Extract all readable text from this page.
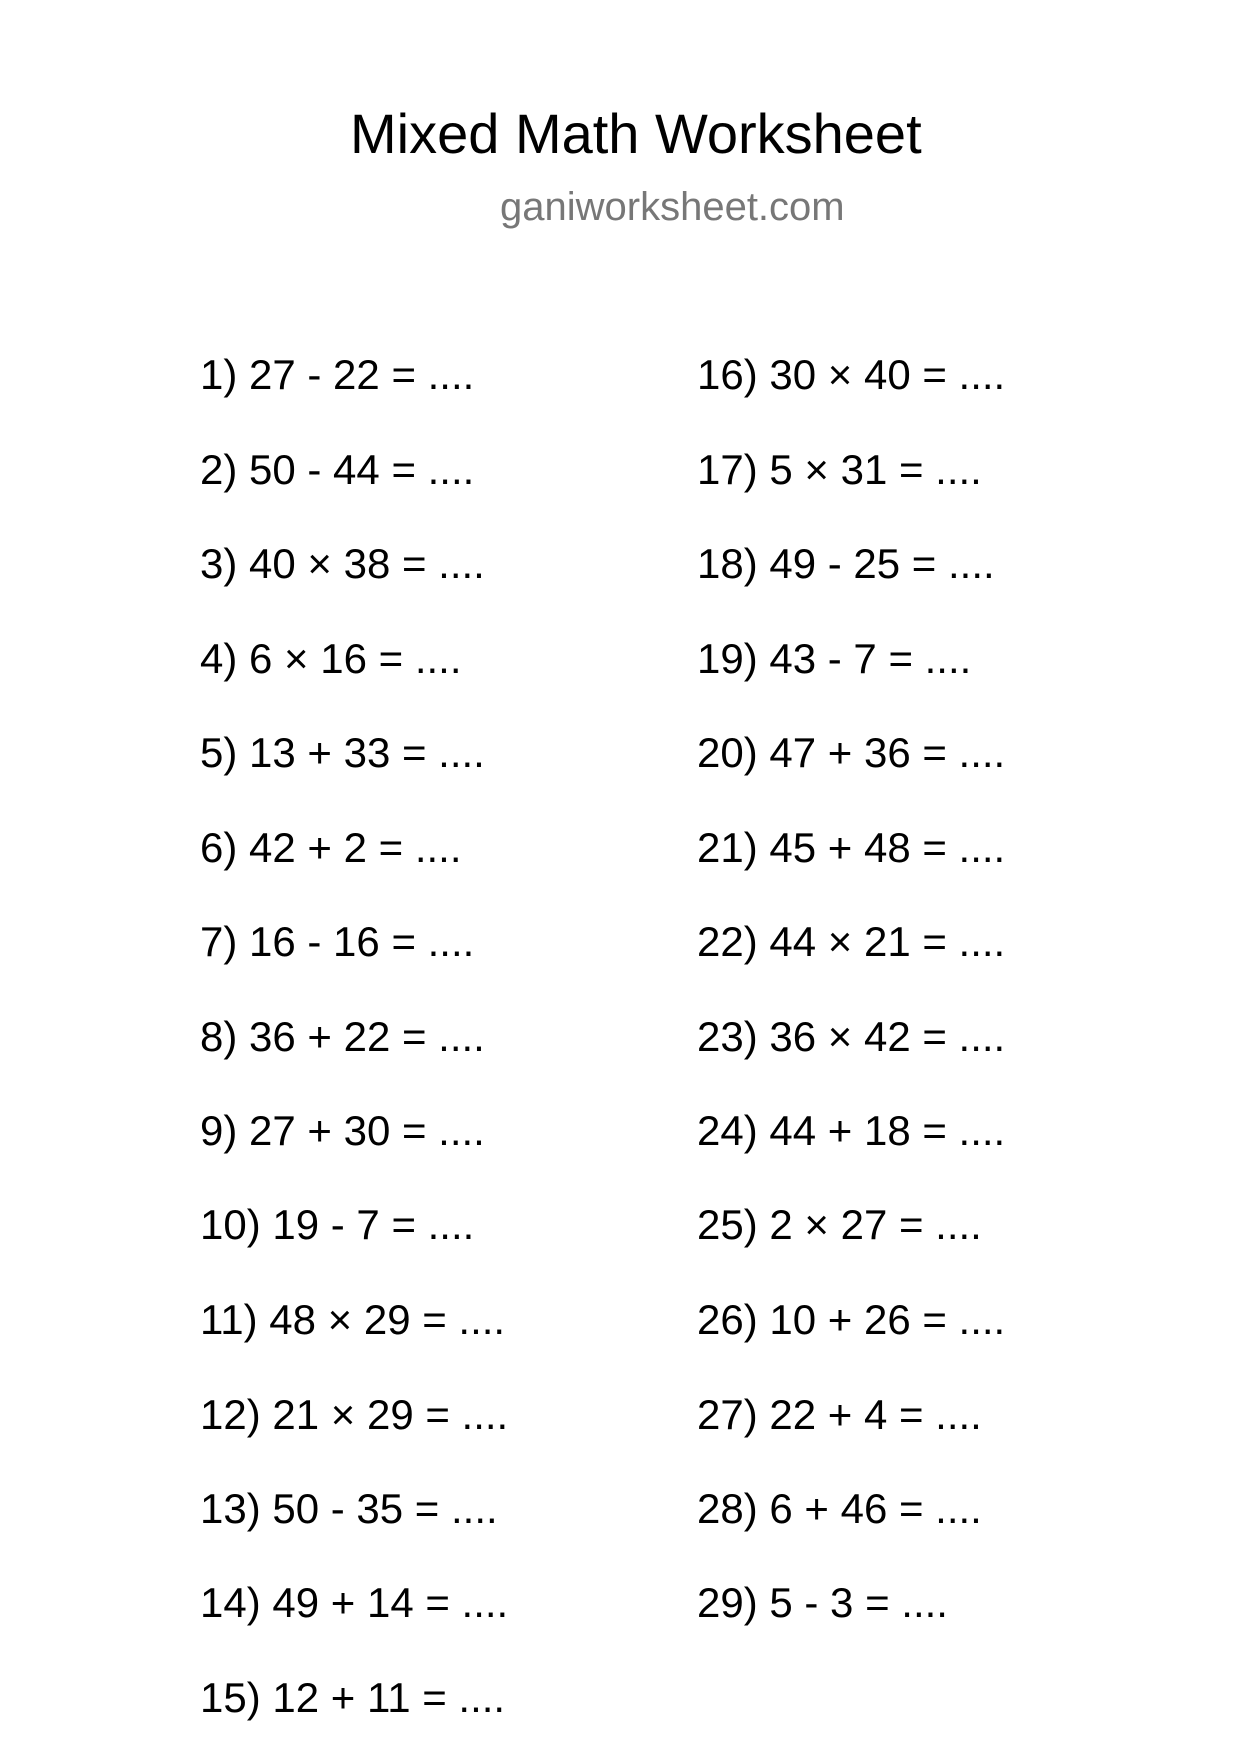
Mixed Math Worksheet
ganiworksheet.com
1) 27 - 22 = ....
2) 50 - 44 = ....
3) 40 × 38 = ....
4) 6 × 16 = ....
5) 13 + 33 = ....
6) 42 + 2 = ....
7) 16 - 16 = ....
8) 36 + 22 = ....
9) 27 + 30 = ....
10) 19 - 7 = ....
11) 48 × 29 = ....
12) 21 × 29 = ....
13) 50 - 35 = ....
14) 49 + 14 = ....
15) 12 + 11 = ....
16) 30 × 40 = ....
17) 5 × 31 = ....
18) 49 - 25 = ....
19) 43 - 7 = ....
20) 47 + 36 = ....
21) 45 + 48 = ....
22) 44 × 21 = ....
23) 36 × 42 = ....
24) 44 + 18 = ....
25) 2 × 27 = ....
26) 10 + 26 = ....
27) 22 + 4 = ....
28) 6 + 46 = ....
29) 5 - 3 = ....
